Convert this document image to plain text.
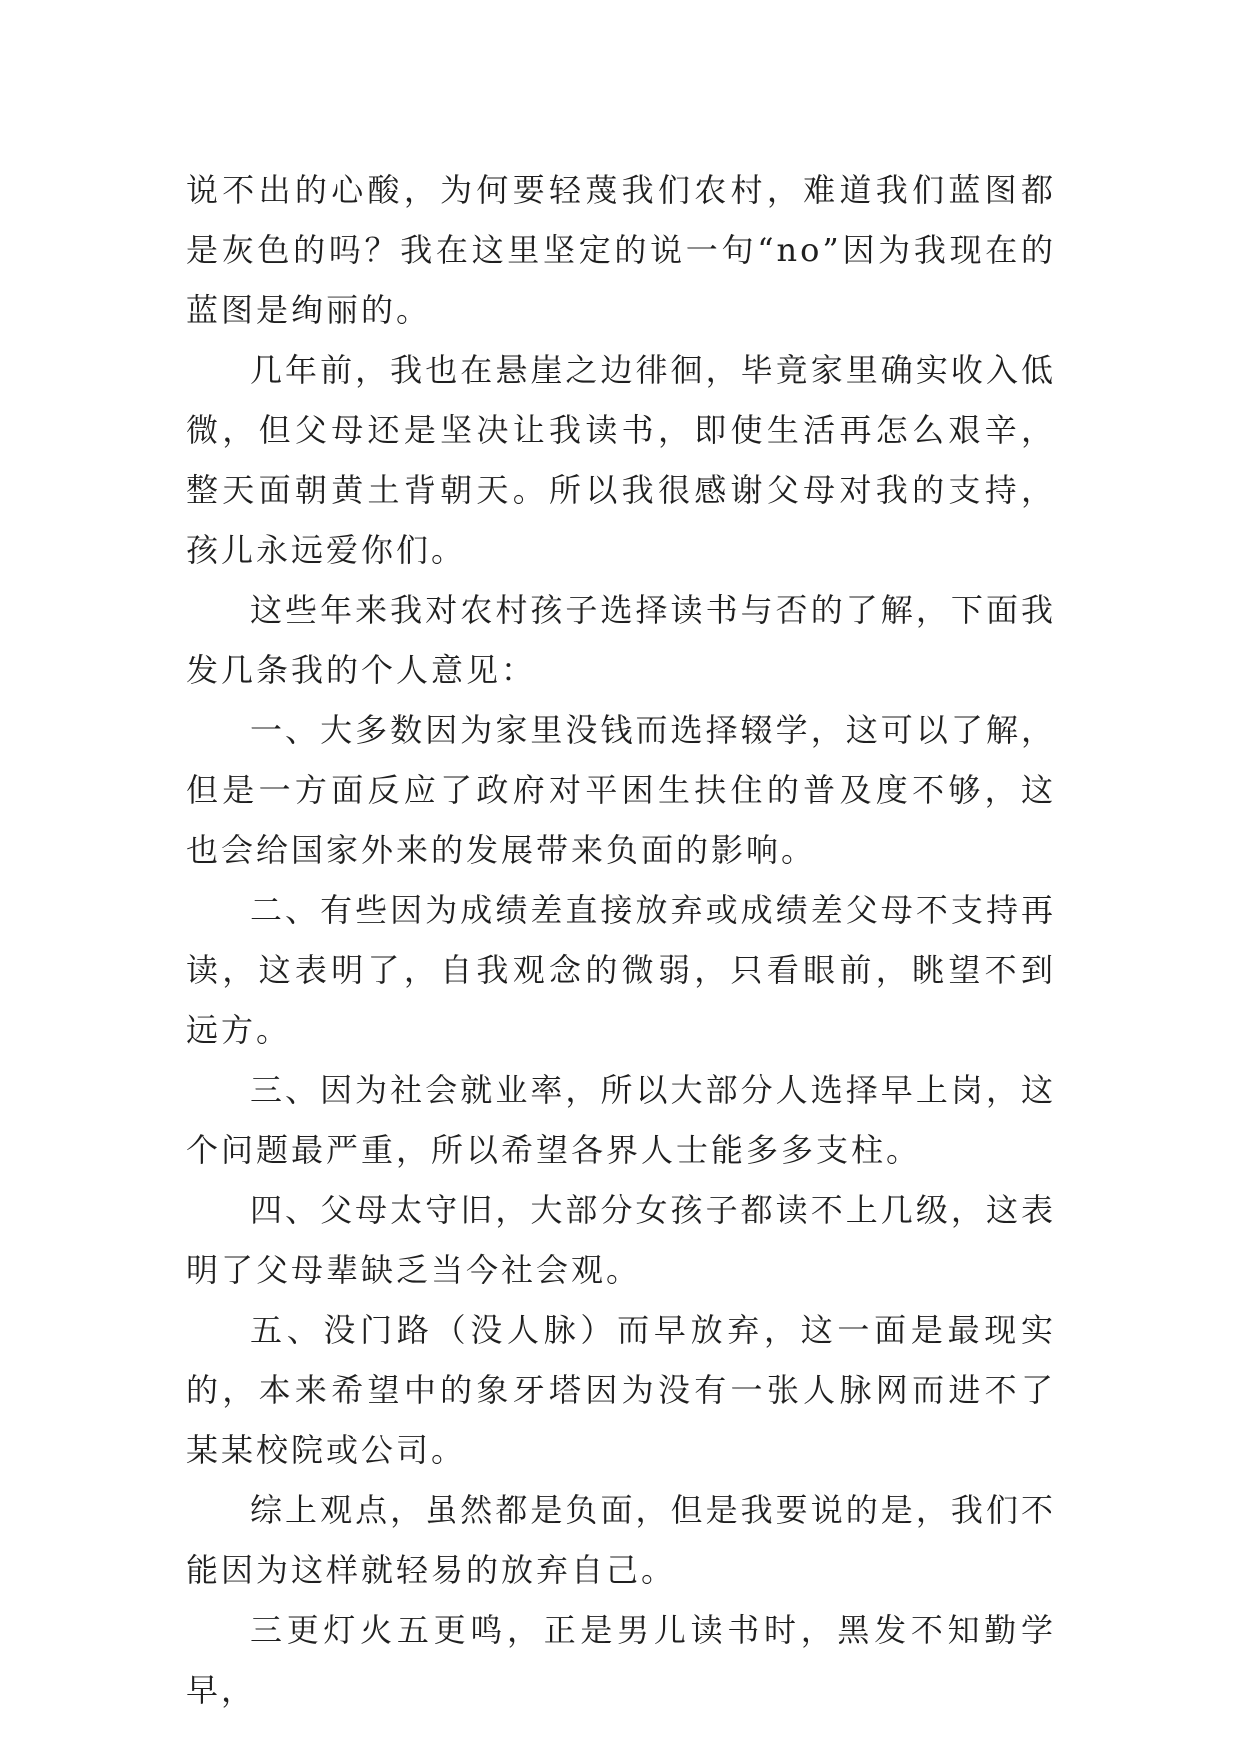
说不出的心酸，为何要轻蔑我们农村，难道我们蓝图都是灰色的吗？我在这里坚定的说一句“no”因为我现在的蓝图是绚丽的。

几年前，我也在悬崖之边徘徊，毕竟家里确实收入低微，但父母还是坚决让我读书，即使生活再怎么艰辛，整天面朝黄土背朝天。所以我很感谢父母对我的支持，孩儿永远爱你们。

这些年来我对农村孩子选择读书与否的了解，下面我发几条我的个人意见：

一、大多数因为家里没钱而选择辍学，这可以了解，但是一方面反应了政府对平困生扶住的普及度不够，这也会给国家外来的发展带来负面的影响。

二、有些因为成绩差直接放弃或成绩差父母不支持再读，这表明了，自我观念的微弱，只看眼前，眺望不到远方。

三、因为社会就业率，所以大部分人选择早上岗，这个问题最严重，所以希望各界人士能多多支柱。

四、父母太守旧，大部分女孩子都读不上几级，这表明了父母辈缺乏当今社会观。

五、没门路（没人脉）而早放弃，这一面是最现实的，本来希望中的象牙塔因为没有一张人脉网而进不了某某校院或公司。

综上观点，虽然都是负面，但是我要说的是，我们不能因为这样就轻易的放弃自己。

三更灯火五更鸣，正是男儿读书时，黑发不知勤学早，
